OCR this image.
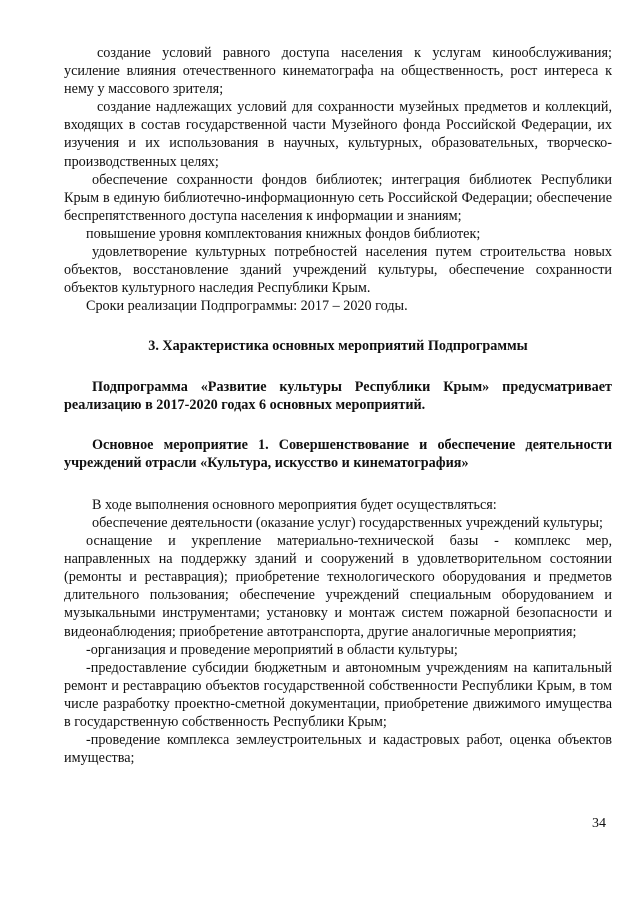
создание условий равного доступа населения к услугам кинообслуживания; усиление влияния отечественного кинематографа на общественность, рост интереса к нему у массового зрителя;

создание надлежащих условий для сохранности музейных предметов и коллекций, входящих в состав государственной части Музейного фонда Российской Федерации, их изучения и их использования в научных, культурных, образовательных, творческо-производственных целях;

обеспечение сохранности фондов библиотек; интеграция библиотек Республики Крым в единую библиотечно-информационную сеть Российской Федерации; обеспечение беспрепятственного доступа населения к информации и знаниям;

повышение уровня комплектования книжных фондов библиотек;

удовлетворение культурных потребностей населения путем строительства новых объектов, восстановление зданий учреждений культуры, обеспечение сохранности объектов культурного наследия Республики Крым.

Сроки реализации Подпрограммы: 2017 – 2020 годы.

3. Характеристика основных мероприятий Подпрограммы

Подпрограмма «Развитие культуры Республики Крым» предусматривает реализацию в 2017-2020 годах 6 основных мероприятий.

Основное мероприятие 1. Совершенствование и обеспечение деятельности учреждений отрасли «Культура, искусство и кинематография»

В ходе выполнения основного мероприятия будет осуществляться:

обеспечение деятельности (оказание услуг) государственных учреждений культуры;

оснащение и укрепление материально-технической базы - комплекс мер, направленных на поддержку зданий и сооружений в удовлетворительном состоянии (ремонты и реставрация); приобретение технологического оборудования и предметов длительного пользования; обеспечение учреждений специальным оборудованием и музыкальными инструментами; установку и монтаж систем пожарной безопасности и видеонаблюдения; приобретение автотранспорта, другие аналогичные мероприятия;

-организация и проведение мероприятий в области культуры;

-предоставление субсидии бюджетным и автономным учреждениям на капитальный ремонт и реставрацию объектов государственной собственности Республики Крым, в том числе разработку проектно-сметной документации, приобретение движимого имущества в государственную собственность Республики Крым;

-проведение комплекса землеустроительных и кадастровых работ, оценка объектов имущества;

34
